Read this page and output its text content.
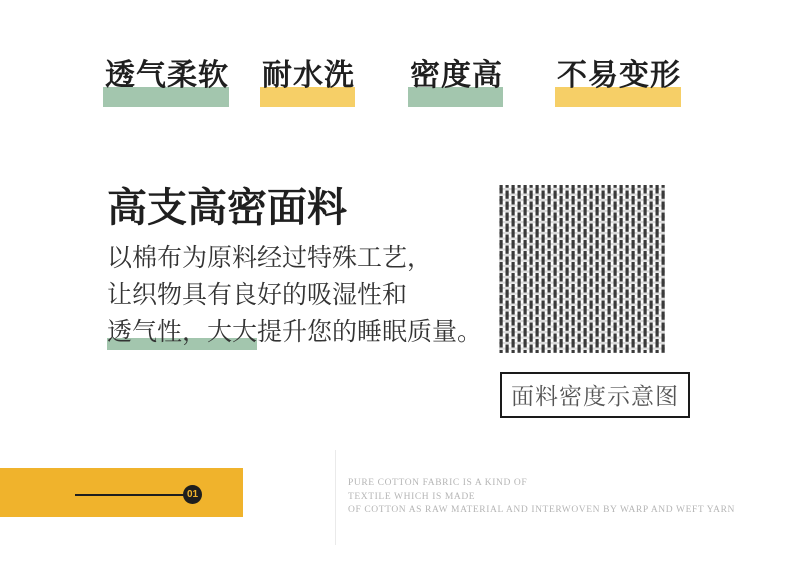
透气柔软 耐水洗 密度高 不易变形
高支高密面料
以棉布为原料经过特殊工艺，
让织物具有良好的吸湿性和
透气性，大大提升您的睡眠质量。
面料密度示意图
01
PURE COTTON FABRIC IS A KIND OF
TEXTILE WHICH IS MADE
OF COTTON AS RAW MATERIAL AND INTERWOVEN BY WARP AND WEFT YARN
